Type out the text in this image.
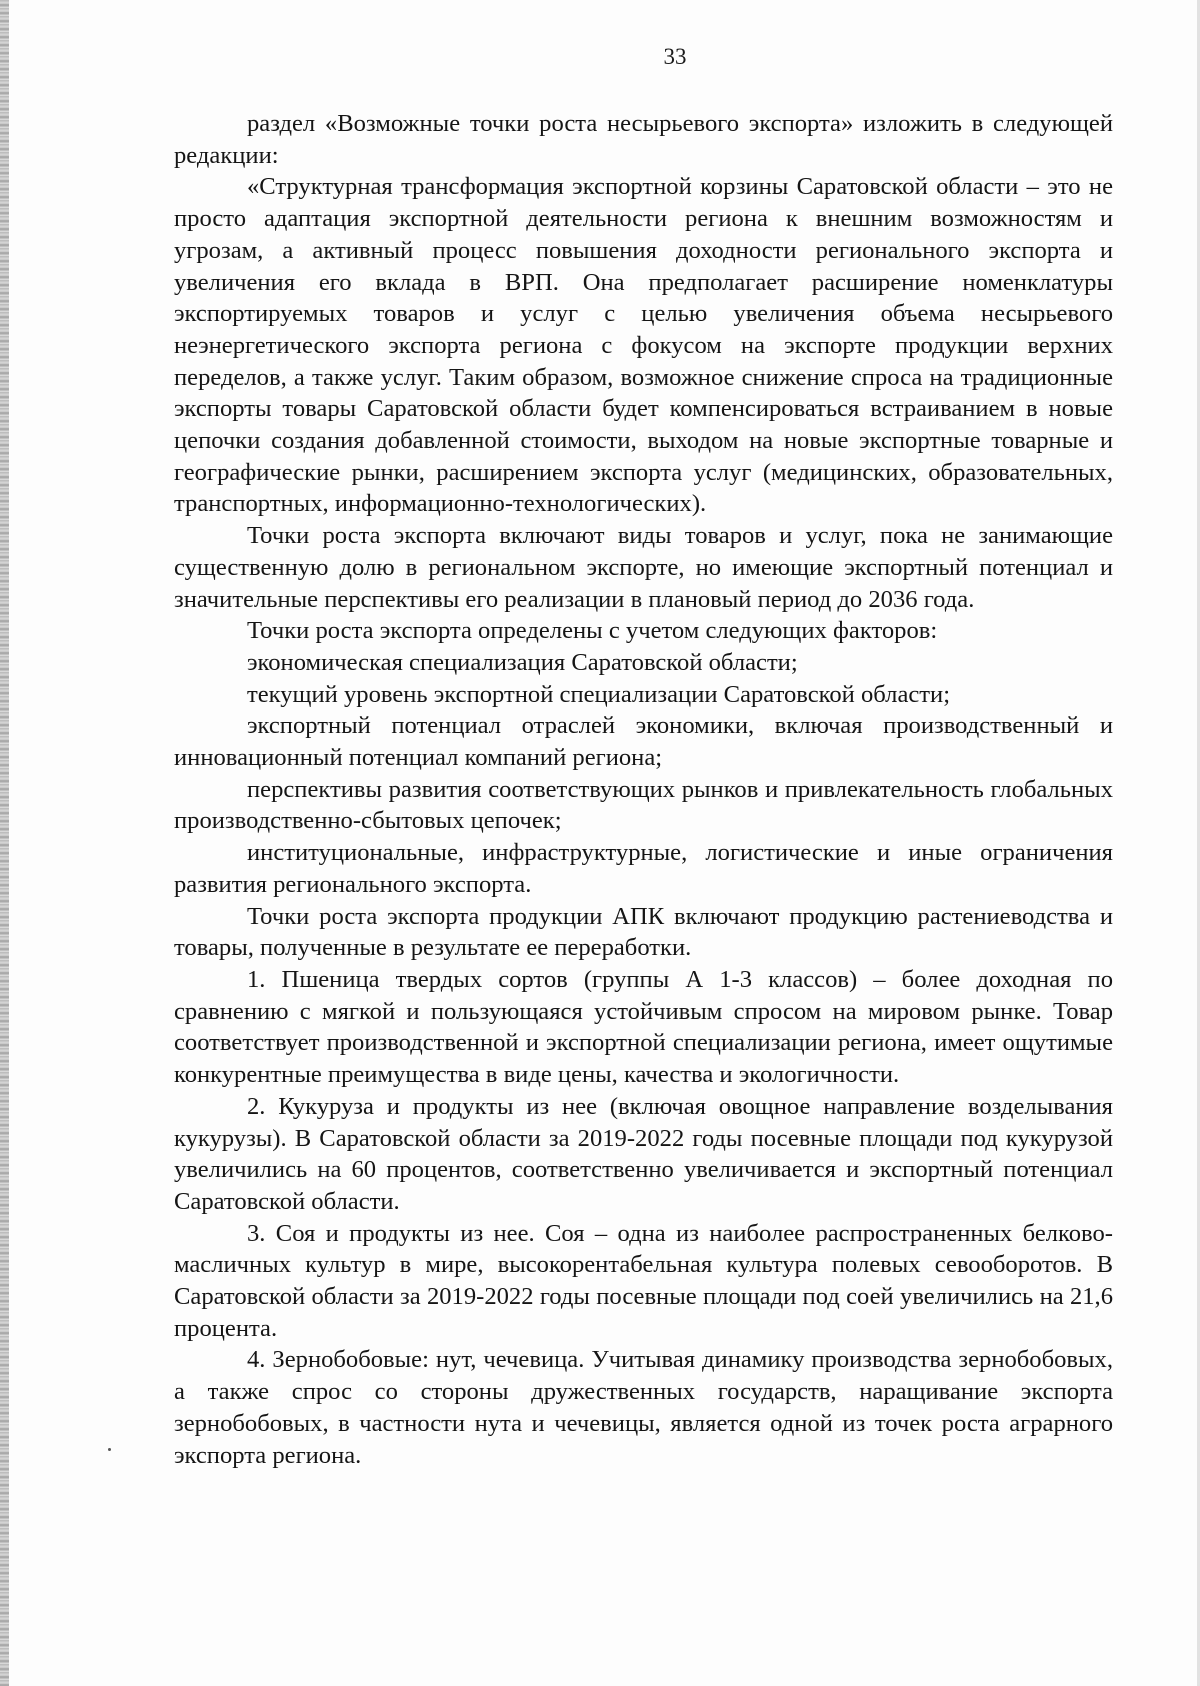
33

раздел «Возможные точки роста несырьевого экспорта» изложить в следующей редакции:

«Структурная трансформация экспортной корзины Саратовской области – это не просто адаптация экспортной деятельности региона к внешним возможностям и угрозам, а активный процесс повышения доходности регионального экспорта и увеличения его вклада в ВРП. Она предполагает расширение номенклатуры экспортируемых товаров и услуг с целью увеличения объема несырьевого неэнергетического экспорта региона с фокусом на экспорте продукции верхних переделов, а также услуг. Таким образом, возможное снижение спроса на традиционные экспорты товары Саратовской области будет компенсироваться встраиванием в новые цепочки создания добавленной стоимости, выходом на новые экспортные товарные и географические рынки, расширением экспорта услуг (медицинских, образовательных, транспортных, информационно-технологических).

Точки роста экспорта включают виды товаров и услуг, пока не занимающие существенную долю в региональном экспорте, но имеющие экспортный потенциал и значительные перспективы его реализации в плановый период до 2036 года.

Точки роста экспорта определены с учетом следующих факторов:

экономическая специализация Саратовской области;

текущий уровень экспортной специализации Саратовской области;

экспортный потенциал отраслей экономики, включая производственный и инновационный потенциал компаний региона;

перспективы развития соответствующих рынков и привлекательность глобальных производственно-сбытовых цепочек;

институциональные, инфраструктурные, логистические и иные ограничения развития регионального экспорта.

Точки роста экспорта продукции АПК включают продукцию растениеводства и товары, полученные в результате ее переработки.

1. Пшеница твердых сортов (группы А 1-3 классов) – более доходная по сравнению с мягкой и пользующаяся устойчивым спросом на мировом рынке. Товар соответствует производственной и экспортной специализации региона, имеет ощутимые конкурентные преимущества в виде цены, качества и экологичности.

2. Кукуруза и продукты из нее (включая овощное направление возделывания кукурузы). В Саратовской области за 2019-2022 годы посевные площади под кукурузой увеличились на 60 процентов, соответственно увеличивается и экспортный потенциал Саратовской области.

3. Соя и продукты из нее. Соя – одна из наиболее распространенных белково-масличных культур в мире, высокорентабельная культура полевых севооборотов. В Саратовской области за 2019-2022 годы посевные площади под соей увеличились на 21,6 процента.

4. Зернобобовые: нут, чечевица. Учитывая динамику производства зернобобовых, а также спрос со стороны дружественных государств, наращивание экспорта зернобобовых, в частности нута и чечевицы, является одной из точек роста аграрного экспорта региона.
